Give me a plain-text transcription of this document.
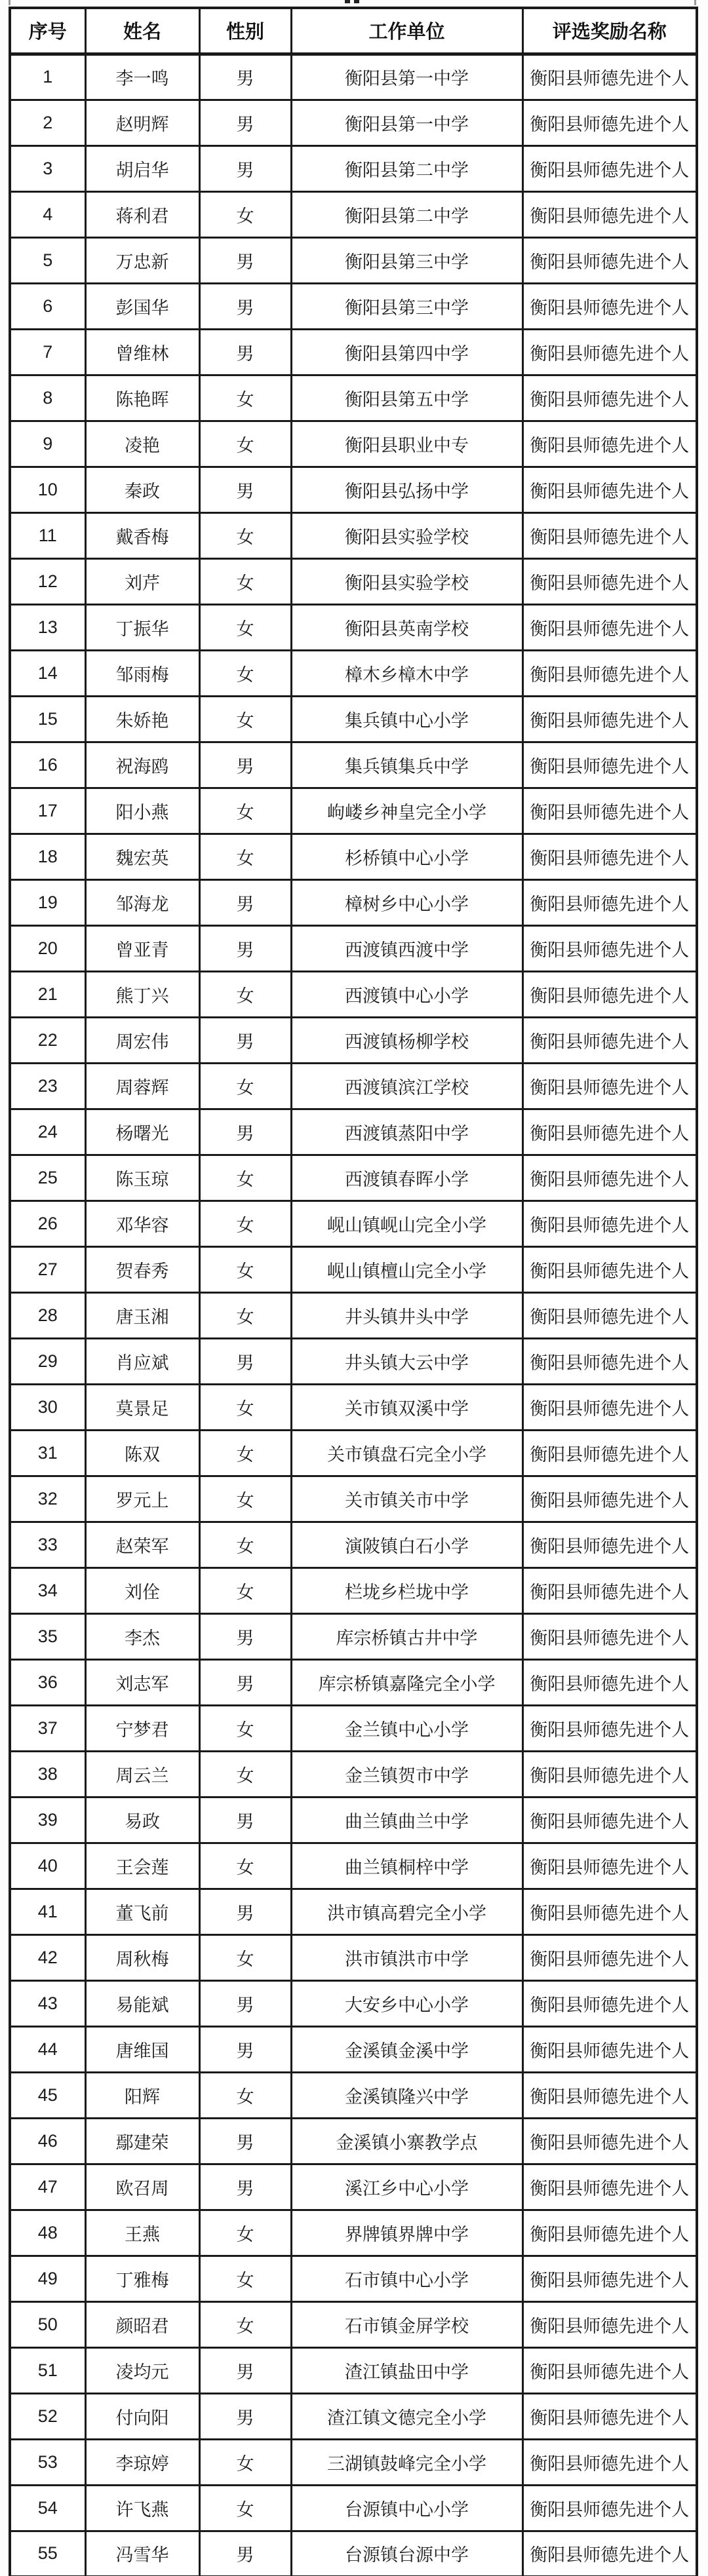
序号	姓名	性别	工作单位	评选奖励名称
1	李一鸣	男	衡阳县第一中学	衡阳县师德先进个人
2	赵明辉	男	衡阳县第一中学	衡阳县师德先进个人
3	胡启华	男	衡阳县第二中学	衡阳县师德先进个人
4	蒋利君	女	衡阳县第二中学	衡阳县师德先进个人
5	万忠新	男	衡阳县第三中学	衡阳县师德先进个人
6	彭国华	男	衡阳县第三中学	衡阳县师德先进个人
7	曾维林	男	衡阳县第四中学	衡阳县师德先进个人
8	陈艳晖	女	衡阳县第五中学	衡阳县师德先进个人
9	凌艳	女	衡阳县职业中专	衡阳县师德先进个人
10	秦政	男	衡阳县弘扬中学	衡阳县师德先进个人
11	戴香梅	女	衡阳县实验学校	衡阳县师德先进个人
12	刘芹	女	衡阳县实验学校	衡阳县师德先进个人
13	丁振华	女	衡阳县英南学校	衡阳县师德先进个人
14	邹雨梅	女	樟木乡樟木中学	衡阳县师德先进个人
15	朱娇艳	女	集兵镇中心小学	衡阳县师德先进个人
16	祝海鸥	男	集兵镇集兵中学	衡阳县师德先进个人
17	阳小燕	女	岣嵝乡神皇完全小学	衡阳县师德先进个人
18	魏宏英	女	杉桥镇中心小学	衡阳县师德先进个人
19	邹海龙	男	樟树乡中心小学	衡阳县师德先进个人
20	曾亚青	男	西渡镇西渡中学	衡阳县师德先进个人
21	熊丁兴	女	西渡镇中心小学	衡阳县师德先进个人
22	周宏伟	男	西渡镇杨柳学校	衡阳县师德先进个人
23	周蓉辉	女	西渡镇滨江学校	衡阳县师德先进个人
24	杨曙光	男	西渡镇蒸阳中学	衡阳县师德先进个人
25	陈玉琼	女	西渡镇春晖小学	衡阳县师德先进个人
26	邓华容	女	岘山镇岘山完全小学	衡阳县师德先进个人
27	贺春秀	女	岘山镇檀山完全小学	衡阳县师德先进个人
28	唐玉湘	女	井头镇井头中学	衡阳县师德先进个人
29	肖应斌	男	井头镇大云中学	衡阳县师德先进个人
30	莫景足	女	关市镇双溪中学	衡阳县师德先进个人
31	陈双	女	关市镇盘石完全小学	衡阳县师德先进个人
32	罗元上	女	关市镇关市中学	衡阳县师德先进个人
33	赵荣军	女	演陂镇白石小学	衡阳县师德先进个人
34	刘佺	女	栏垅乡栏垅中学	衡阳县师德先进个人
35	李杰	男	库宗桥镇古井中学	衡阳县师德先进个人
36	刘志军	男	库宗桥镇嘉隆完全小学	衡阳县师德先进个人
37	宁梦君	女	金兰镇中心小学	衡阳县师德先进个人
38	周云兰	女	金兰镇贺市中学	衡阳县师德先进个人
39	易政	男	曲兰镇曲兰中学	衡阳县师德先进个人
40	王会莲	女	曲兰镇桐梓中学	衡阳县师德先进个人
41	董飞前	男	洪市镇高碧完全小学	衡阳县师德先进个人
42	周秋梅	女	洪市镇洪市中学	衡阳县师德先进个人
43	易能斌	男	大安乡中心小学	衡阳县师德先进个人
44	唐维国	男	金溪镇金溪中学	衡阳县师德先进个人
45	阳辉	女	金溪镇隆兴中学	衡阳县师德先进个人
46	鄢建荣	男	金溪镇小寨教学点	衡阳县师德先进个人
47	欧召周	男	溪江乡中心小学	衡阳县师德先进个人
48	王燕	女	界牌镇界牌中学	衡阳县师德先进个人
49	丁雅梅	女	石市镇中心小学	衡阳县师德先进个人
50	颜昭君	女	石市镇金屏学校	衡阳县师德先进个人
51	凌均元	男	渣江镇盐田中学	衡阳县师德先进个人
52	付向阳	男	渣江镇文德完全小学	衡阳县师德先进个人
53	李琼婷	女	三湖镇鼓峰完全小学	衡阳县师德先进个人
54	许飞燕	女	台源镇中心小学	衡阳县师德先进个人
55	冯雪华	男	台源镇台源中学	衡阳县师德先进个人
